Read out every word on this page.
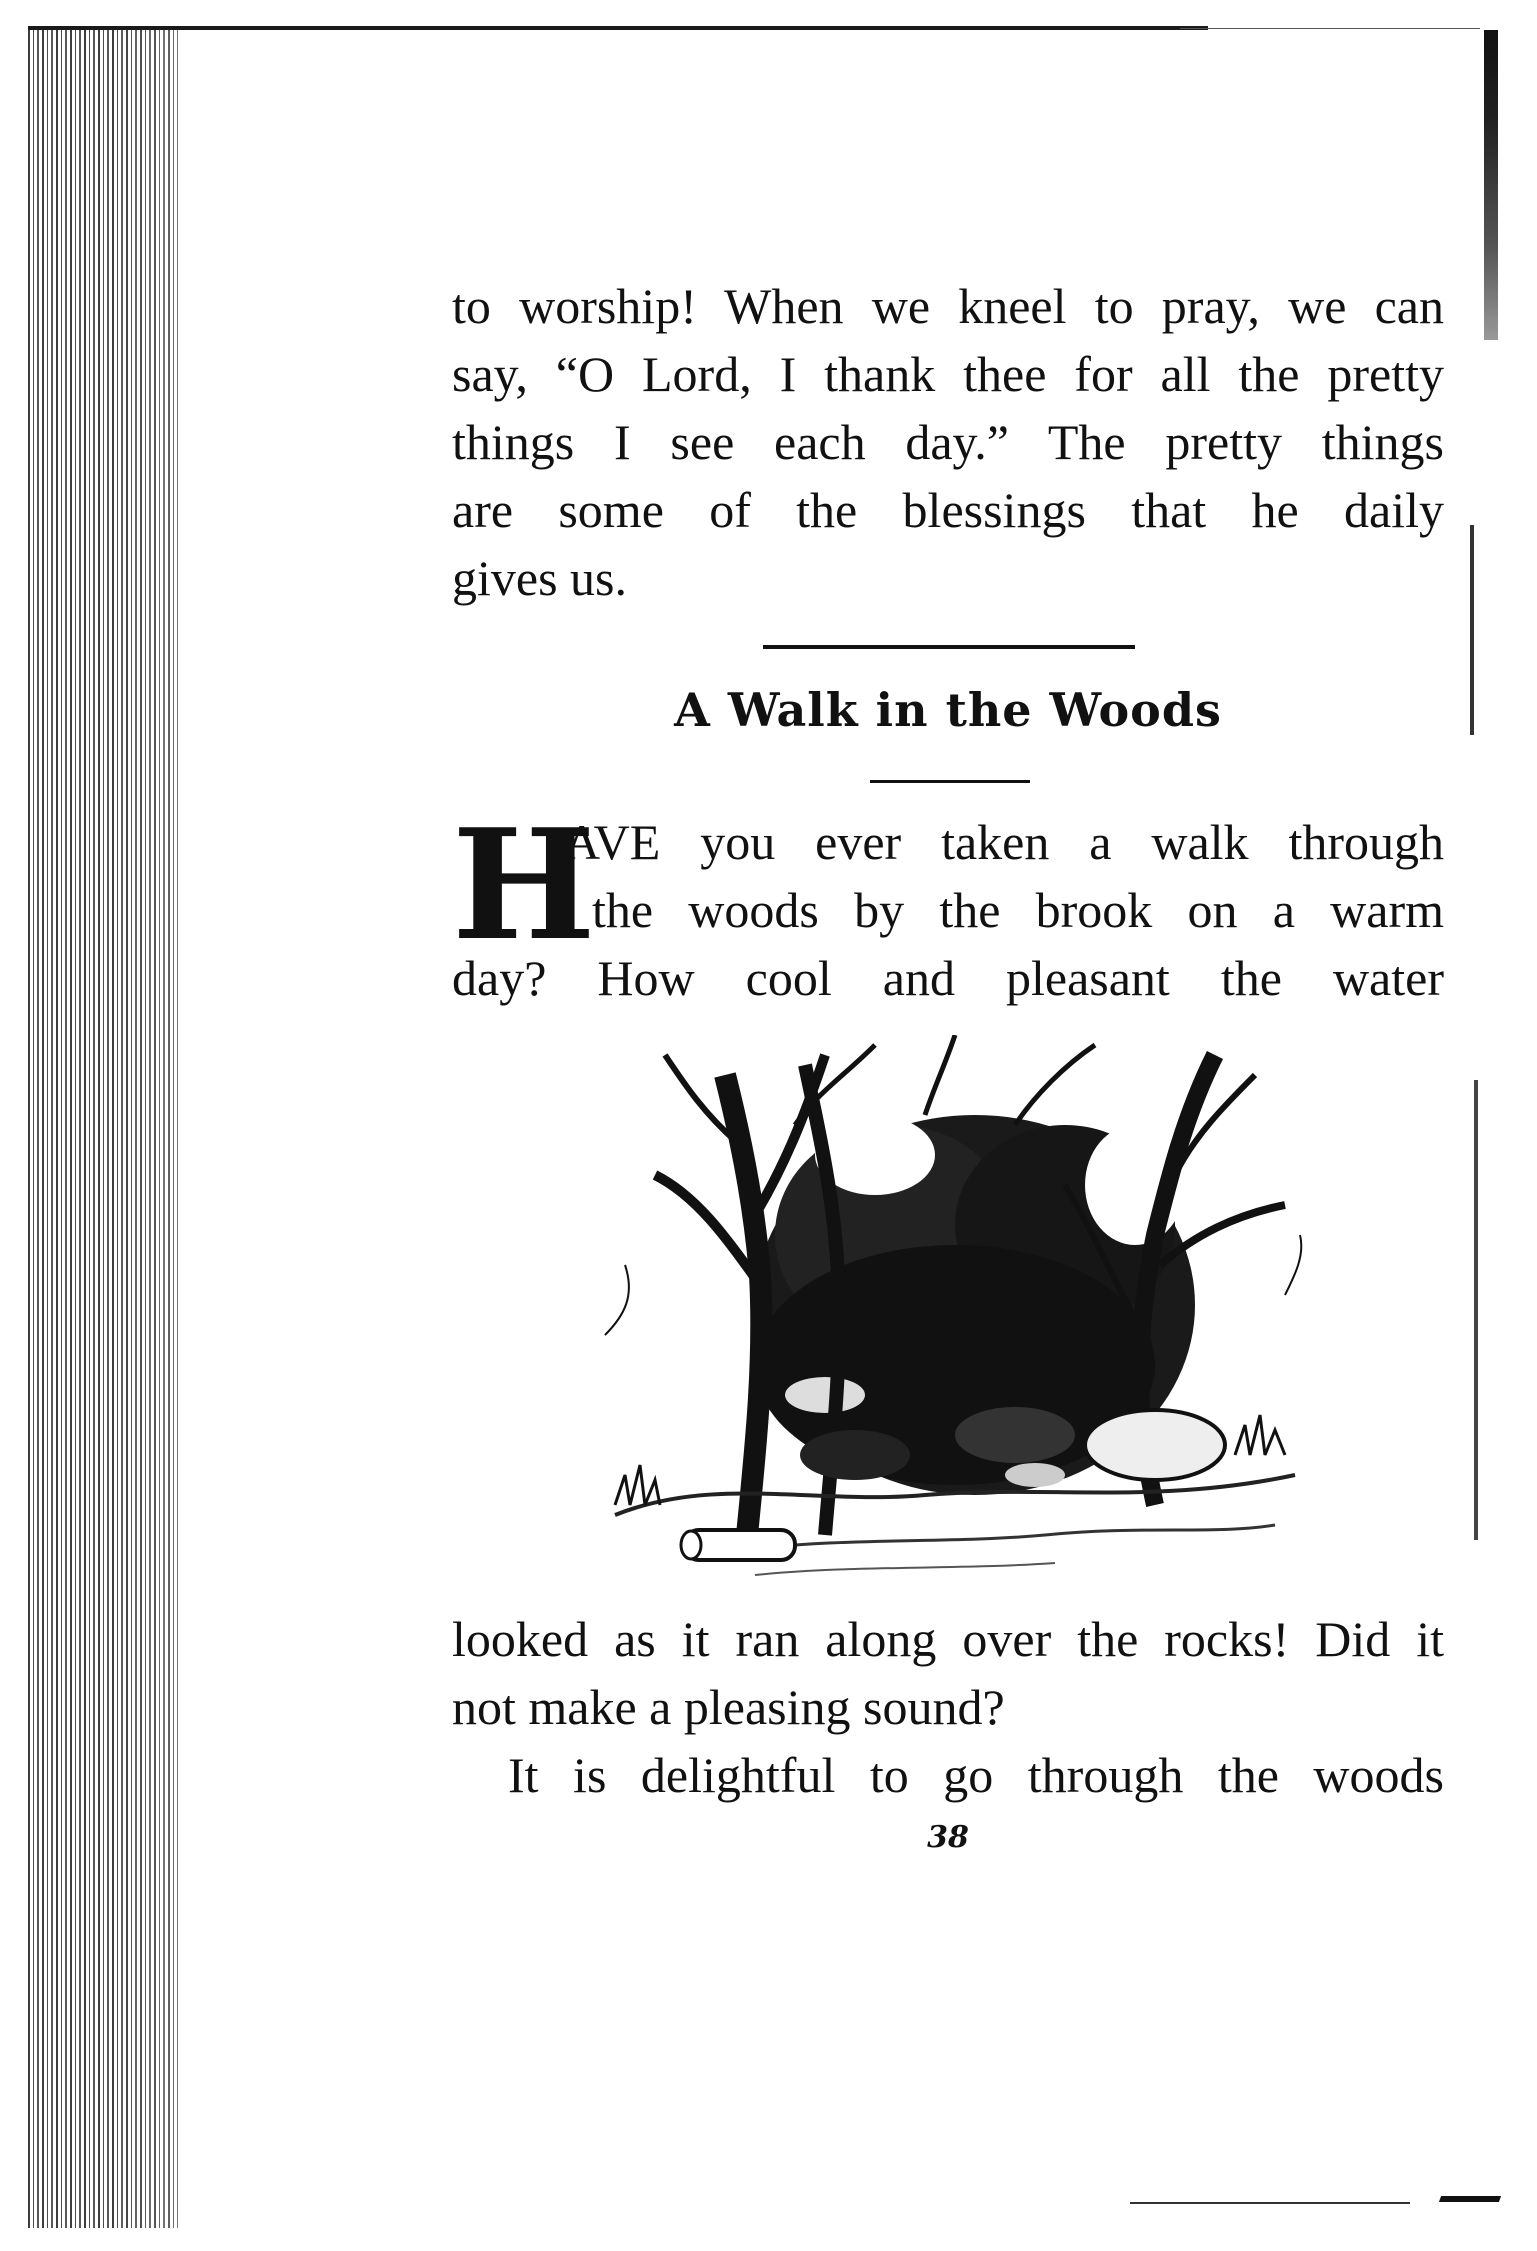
to worship! When we kneel to pray, we can
say, “O Lord, I thank thee for all the pretty
things I see each day.” The pretty things
are some of the blessings that he daily
gives us.
A Walk in the Woods
H
AVE you ever taken a walk through
the woods by the brook on a warm
day? How cool and pleasant the water
looked as it ran along over the rocks! Did it
not make a pleasing sound?
It is delightful to go through the woods
38
